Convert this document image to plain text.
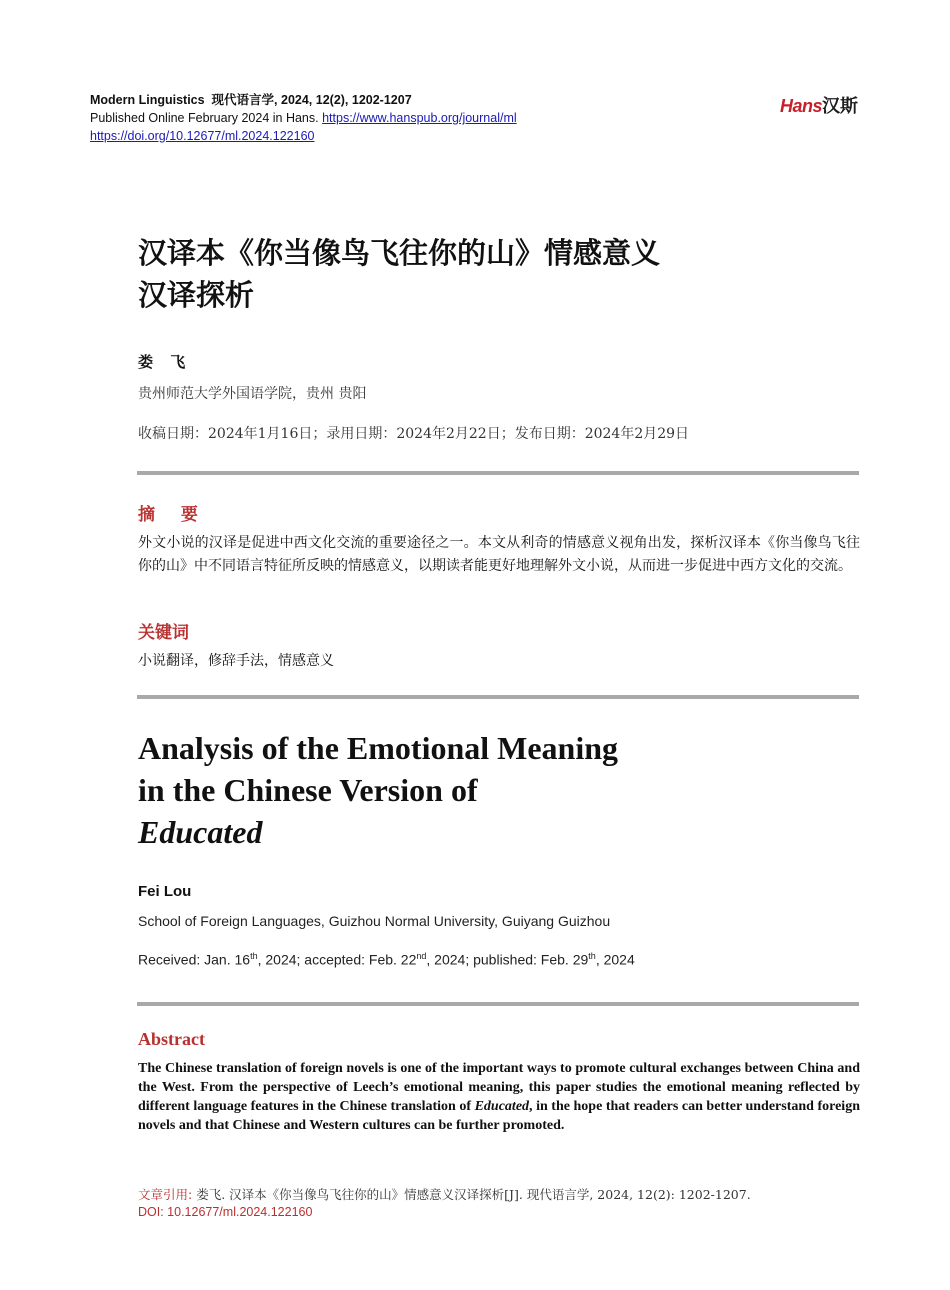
Modern Linguistics 现代语言学, 2024, 12(2), 1202-1207
Published Online February 2024 in Hans. https://www.hanspub.org/journal/ml
https://doi.org/10.12677/ml.2024.122160
Hans汉斯
汉译本《你当像鸟飞往你的山》情感意义
汉译探析
娄 飞
贵州师范大学外国语学院，贵州 贵阳
收稿日期：2024年1月16日；录用日期：2024年2月22日；发布日期：2024年2月29日
摘 要
外文小说的汉译是促进中西文化交流的重要途径之一。本文从利奇的情感意义视角出发，探析汉译本《你当像鸟飞往你的山》中不同语言特征所反映的情感意义，以期读者能更好地理解外文小说，从而进一步促进中西方文化的交流。
关键词
小说翻译，修辞手法，情感意义
Analysis of the Emotional Meaning
in the Chinese Version of
Educated
Fei Lou
School of Foreign Languages, Guizhou Normal University, Guiyang Guizhou
Received: Jan. 16th, 2024; accepted: Feb. 22nd, 2024; published: Feb. 29th, 2024
Abstract
The Chinese translation of foreign novels is one of the important ways to promote cultural exchanges between China and the West. From the perspective of Leech’s emotional meaning, this paper studies the emotional meaning reflected by different language features in the Chinese translation of Educated, in the hope that readers can better understand foreign novels and that Chinese and Western cultures can be further promoted.
文章引用: 娄飞. 汉译本《你当像鸟飞往你的山》情感意义汉译探析[J]. 现代语言学, 2024, 12(2): 1202-1207.
DOI: 10.12677/ml.2024.122160
